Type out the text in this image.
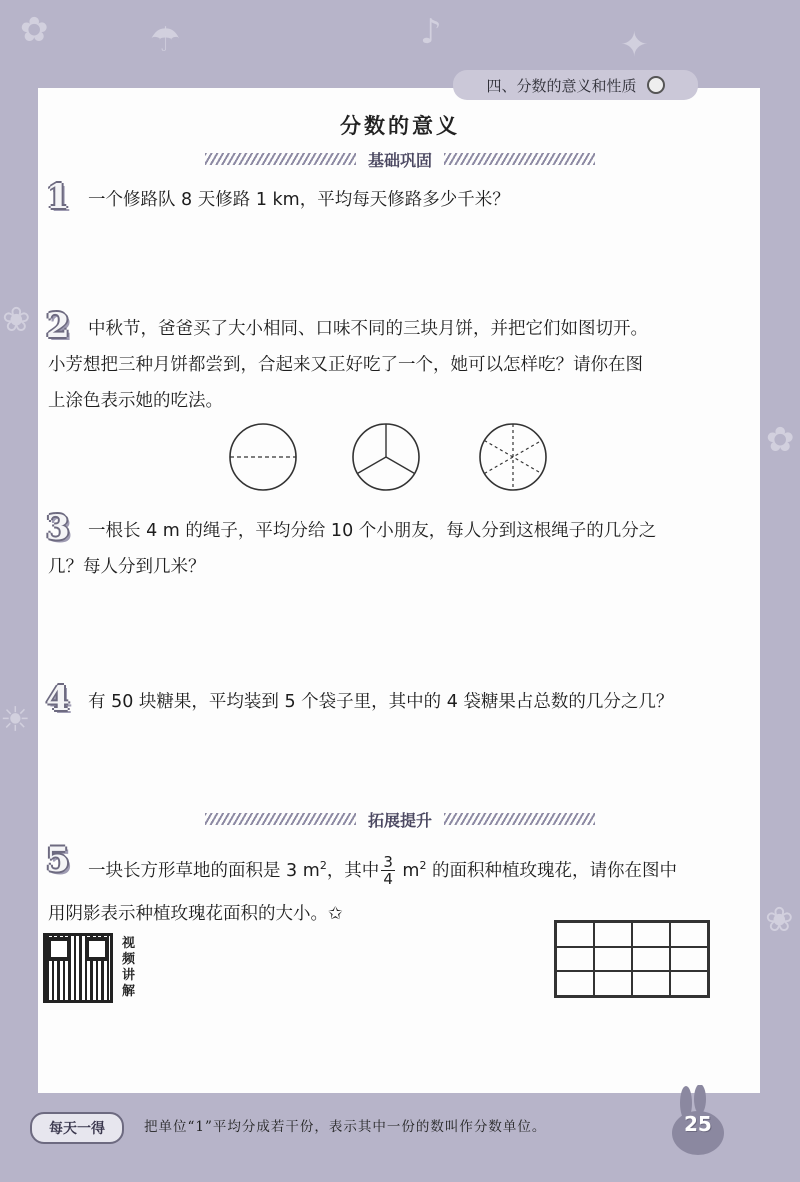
✿	☂	♪	✦
❀
✿
☀
❀
四、分数的意义和性质
分数的意义
基础巩固
1 一个修路队 8 天修路 1 km，平均每天修路多少千米？
2 中秋节，爸爸买了大小相同、口味不同的三块月饼，并把它们如图切开。
小芳想把三种月饼都尝到，合起来又正好吃了一个，她可以怎样吃？请你在图
上涂色表示她的吃法。
3 一根长 4 m 的绳子，平均分给 10 个小朋友，每人分到这根绳子的几分之
几？每人分到几米？
4 有 50 块糖果，平均装到 5 个袋子里，其中的 4 袋糖果占总数的几分之几？
拓展提升
5 一块长方形草地的面积是 3 $m^2$，其中 $\frac{3}{4} m^2$ 的面积种植玫瑰花，请你在图中
用阴影表示种植玫瑰花面积的大小。✩
视频讲解
每天一得	把单位“1”平均分成若干份，表示其中一份的数叫作分数单位。	25
